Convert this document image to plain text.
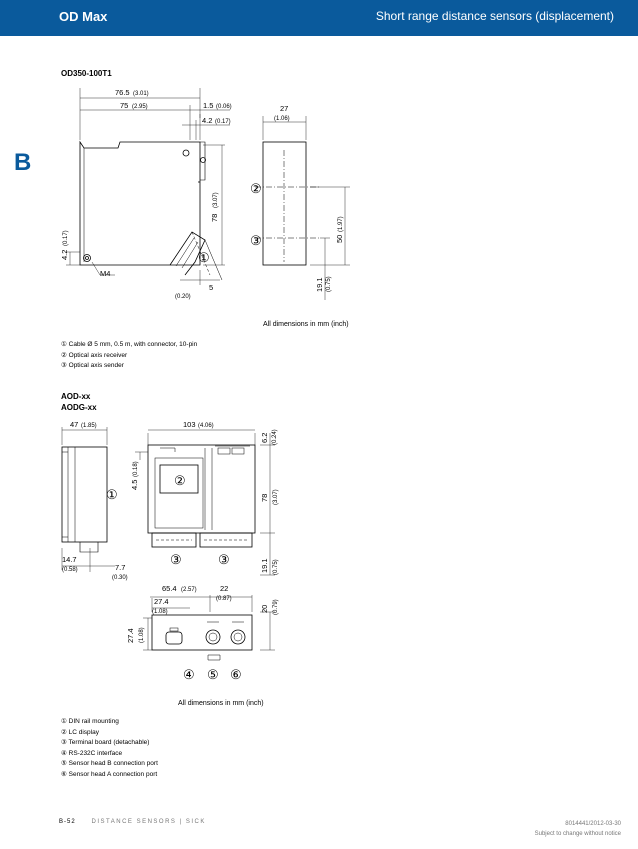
OD Max	Short range distance sensors (displacement)
B
OD350-100T1
76.5 (3.01)
75 (2.95)	1.5 (0.06)
4.2 (0.17)
27
(1.06)
M4
5
(0.20)
78
(3.07)
4.2
(0.17)	50
(1.97)
19.1 (0.75)
①
②
③
All dimensions in mm (inch)
① Cable Ø 5 mm, 0.5 m, with connector, 10-pin
② Optical axis receiver
③ Optical axis sender
AOD-xx
AODG-xx
47 (1.85)	103 (4.06)
6.2 (0.24)
4.5
(0.18)
78 (3.07)
14.7
(0.58)	7.7
(0.30)
19.1 (0.75)
65.4 (2.57)	22
(0.87)
27.4
(1.08)
27.4 (1.08)
20 (0.79)
①
②
③	③
④ ⑤ ⑥
All dimensions in mm (inch)
① DIN rail mounting
② LC display
③ Terminal board (detachable)
④ RS-232C interface
⑤ Sensor head B connection port
⑥ Sensor head A connection port
B-52	DISTANCE SENSORS | SICK	8014441/2012-03-30
Subject to change without notice
